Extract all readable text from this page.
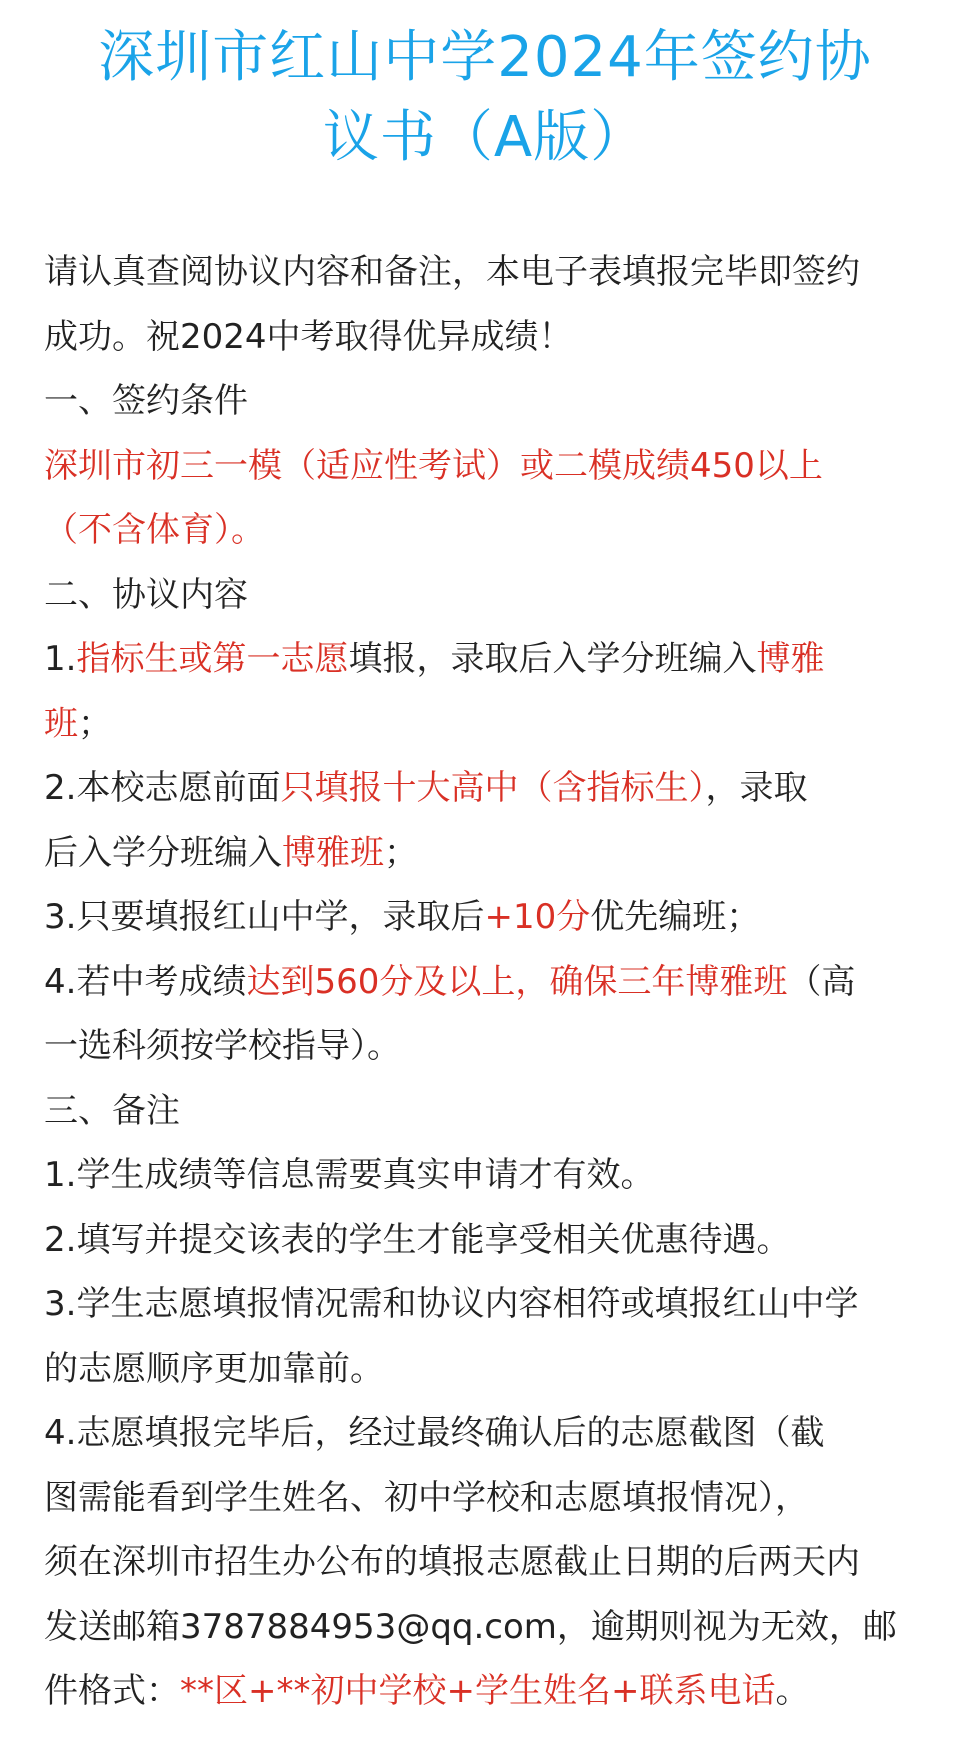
深圳市红山中学2024年签约协
议书（A版）
请认真查阅协议内容和备注，本电子表填报完毕即签约
成功。祝2024中考取得优异成绩！
一、签约条件
深圳市初三一模（适应性考试）或二模成绩450以上
（不含体育）。
二、协议内容
1.指标生或第一志愿填报，录取后入学分班编入博雅
班；
2.本校志愿前面只填报十大高中（含指标生），录取
后入学分班编入博雅班；
3.只要填报红山中学，录取后+10分优先编班；
4.若中考成绩达到560分及以上，确保三年博雅班（高
一选科须按学校指导）。
三、备注
1.学生成绩等信息需要真实申请才有效。
2.填写并提交该表的学生才能享受相关优惠待遇。
3.学生志愿填报情况需和协议内容相符或填报红山中学
的志愿顺序更加靠前。
4.志愿填报完毕后，经过最终确认后的志愿截图（截
图需能看到学生姓名、初中学校和志愿填报情况），
须在深圳市招生办公布的填报志愿截止日期的后两天内
发送邮箱3787884953@qq.com，逾期则视为无效，邮
件格式：**区+**初中学校+学生姓名+联系电话。
